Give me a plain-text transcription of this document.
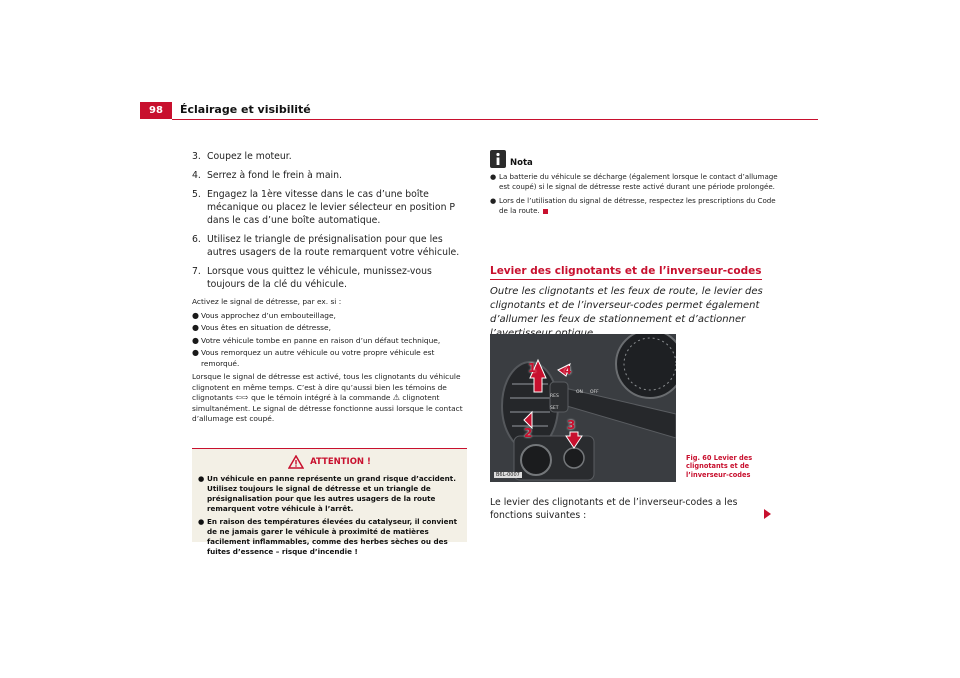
98	Éclairage et visibilité
3. Coupez le moteur.
4. Serrez à fond le frein à main.
5. Engagez la 1ère vitesse dans le cas d’une boîte mécanique ou placez le levier sélecteur en position P dans le cas d’une boîte automatique.
6. Utilisez le triangle de présignalisation pour que les autres usagers de la route remarquent votre véhicule.
7. Lorsque vous quittez le véhicule, munissez-vous toujours de la clé du véhicule.

Activez le signal de détresse, par ex. si :

● Vous approchez d’un embouteillage,
● Vous êtes en situation de détresse,
● Votre véhicule tombe en panne en raison d’un défaut technique,
● Vous remorquez un autre véhicule ou votre propre véhicule est remorqué.

Lorsque le signal de détresse est activé, tous les clignotants du véhicule clignotent en même temps. C’est à dire qu’aussi bien les témoins de clignotants ⇦⇨ que le témoin intégré à la commande ⚠ clignotent simultanément. Le signal de détresse fonctionne aussi lorsque le contact d’allumage est coupé.

ATTENTION !
● Un véhicule en panne représente un grand risque d’accident. Utilisez toujours le signal de détresse et un triangle de présignalisation pour que les autres usagers de la route remarquent votre véhicule à l’arrêt.
● En raison des températures élevées du catalyseur, il convient de ne jamais garer le véhicule à proximité de matières facilement inflammables, comme des herbes sèches ou des fuites d’essence – risque d’incendie !
Nota
● La batterie du véhicule se décharge (également lorsque le contact d’allumage est coupé) si le signal de détresse reste activé durant une période prolongée.
● Lors de l’utilisation du signal de détresse, respectez les prescriptions du Code de la route.
Levier des clignotants et de l’inverseur-codes

Outre les clignotants et les feux de route, le levier des clignotants et de l’inverseur-codes permet également d’allumer les feux de stationnement et d’actionner

1
2
3
4
ON OFF
RES
SET
B6L-0007
Fig. 60 Levier des clignotants et de l’inverseur-codes

Le levier des clignotants et de l’inverseur-codes a les fonctions suivantes :
